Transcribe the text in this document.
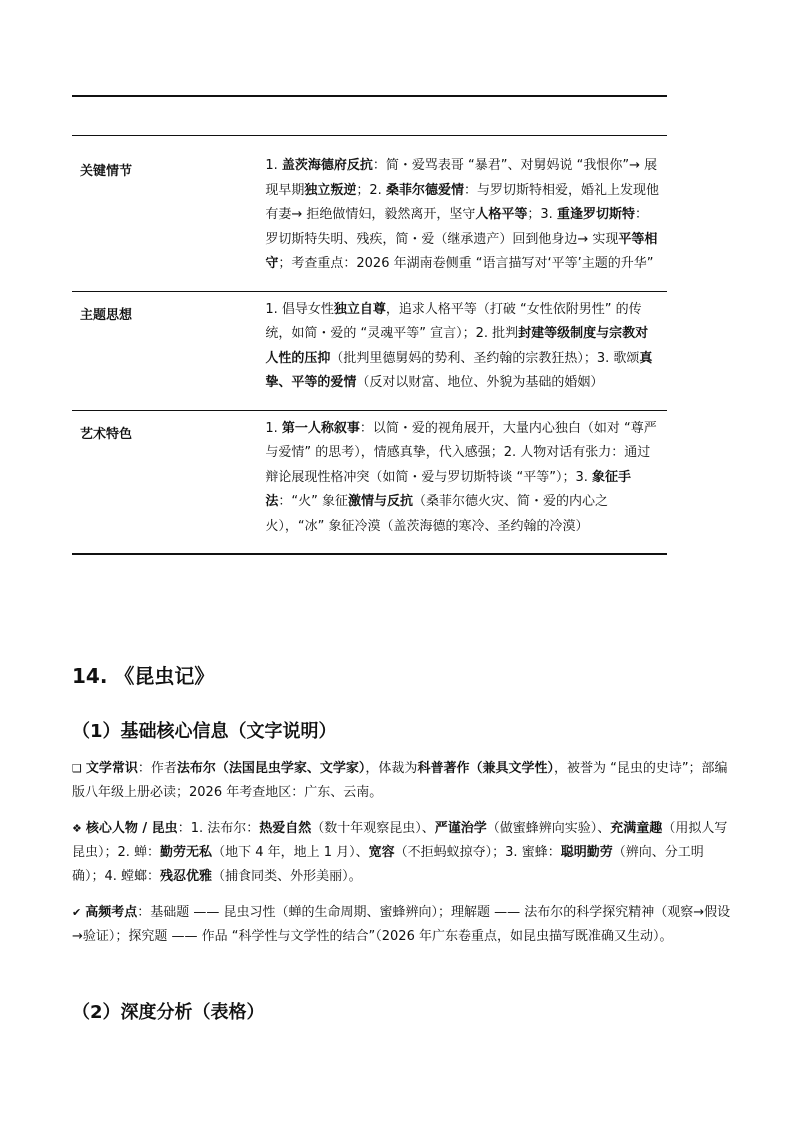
关键情节	1. 盖茨海德府反抗：简・爱骂表哥 “暴君”、对舅妈说 “我恨你”→ 展现早期独立叛逆；2. 桑菲尔德爱情：与罗切斯特相爱，婚礼上发现他有妻→ 拒绝做情妇，毅然离开，坚守人格平等；3. 重逢罗切斯特：罗切斯特失明、残疾，简・爱（继承遗产）回到他身边→ 实现平等相守；考查重点：2026 年湖南卷侧重 “语言描写对‘平等’主题的升华”
主题思想	1. 倡导女性独立自尊，追求人格平等（打破 “女性依附男性” 的传统，如简・爱的 “灵魂平等” 宣言）；2. 批判封建等级制度与宗教对人性的压抑（批判里德舅妈的势利、圣约翰的宗教狂热）；3. 歌颂真挚、平等的爱情（反对以财富、地位、外貌为基础的婚姻）
艺术特色	1. 第一人称叙事：以简・爱的视角展开，大量内心独白（如对 “尊严与爱情” 的思考），情感真挚，代入感强；2. 人物对话有张力：通过辩论展现性格冲突（如简・爱与罗切斯特谈 “平等”）；3. 象征手法：“火” 象征激情与反抗（桑菲尔德火灾、简・爱的内心之火），“冰” 象征冷漠（盖茨海德的寒冷、圣约翰的冷漠）
14. 《昆虫记》
（1）基础核心信息（文字说明）
❑ 文学常识：作者法布尔（法国昆虫学家、文学家），体裁为科普著作（兼具文学性），被誉为 “昆虫的史诗”；部编版八年级上册必读；2026 年考查地区：广东、云南。
❖ 核心人物 / 昆虫：1. 法布尔：热爱自然（数十年观察昆虫）、严谨治学（做蜜蜂辨向实验）、充满童趣（用拟人写昆虫）；2. 蝉：勤劳无私（地下 4 年，地上 1 月）、宽容（不拒蚂蚁掠夺）；3. 蜜蜂：聪明勤劳（辨向、分工明确）；4. 螳螂：残忍优雅（捕食同类、外形美丽）。
✔ 高频考点：基础题 —— 昆虫习性（蝉的生命周期、蜜蜂辨向）；理解题 —— 法布尔的科学探究精神（观察→假设→验证）；探究题 —— 作品 “科学性与文学性的结合”（2026 年广东卷重点，如昆虫描写既准确又生动）。
（2）深度分析（表格）
